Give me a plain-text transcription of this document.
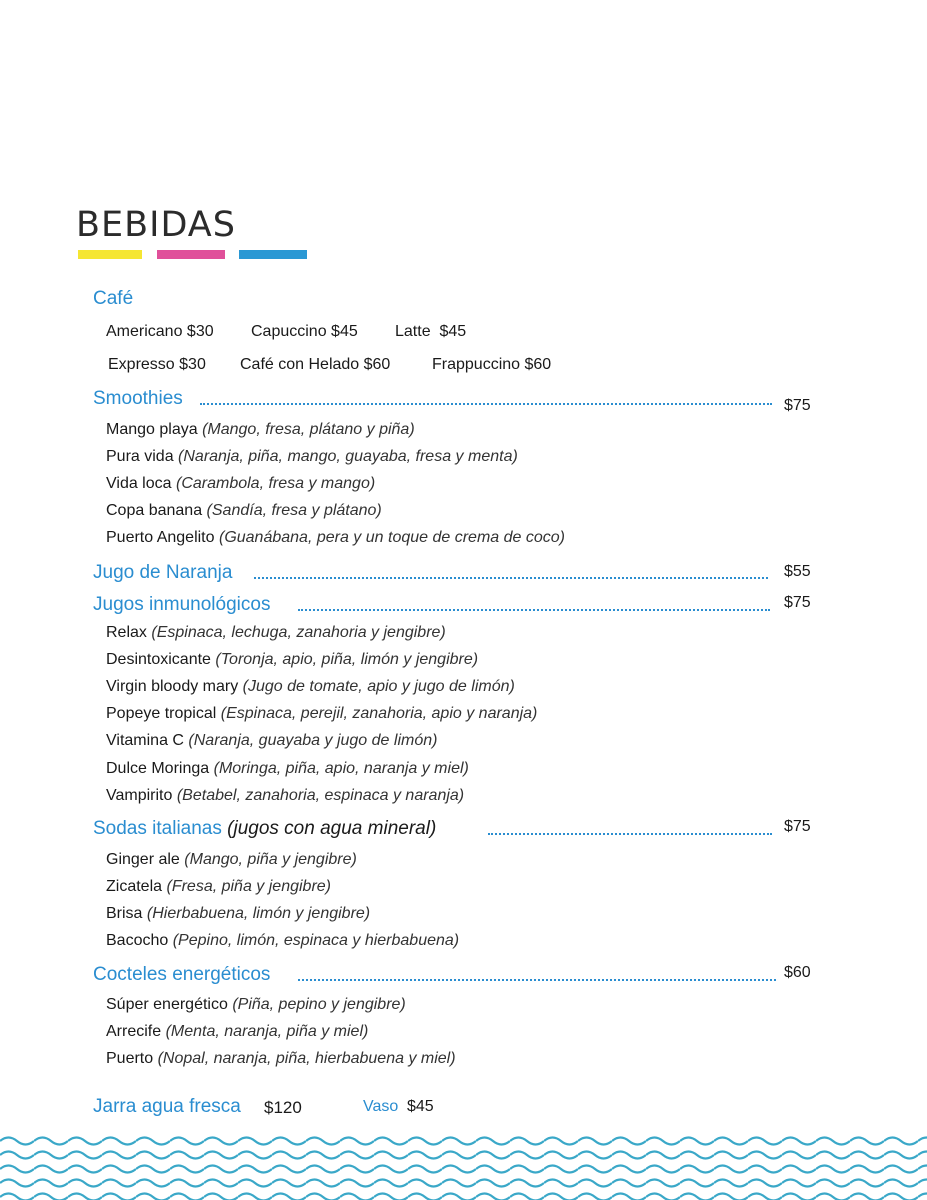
BEBIDAS
Café
Americano $30 Capuccino $45 Latte  $45
Expresso $30 Café con Helado $60	Frappuccino $60
Smoothies	$75
Mango playa (Mango, fresa, plátano y piña)
Pura vida (Naranja, piña, mango, guayaba, fresa y menta)
Vida loca (Carambola, fresa y mango)
Copa banana (Sandía, fresa y plátano)
Puerto Angelito (Guanábana, pera y un toque de crema de coco)
Jugo de Naranja	$55
Jugos inmunológicos	$75
Relax (Espinaca, lechuga, zanahoria y jengibre)
Desintoxicante (Toronja, apio, piña, limón y jengibre)
Virgin bloody mary (Jugo de tomate, apio y jugo de limón)
Popeye tropical (Espinaca, perejil, zanahoria, apio y naranja)
Vitamina C (Naranja, guayaba y jugo de limón)
Dulce Moringa (Moringa, piña, apio, naranja y miel)
Vampirito (Betabel, zanahoria, espinaca y naranja)
Sodas italianas (jugos con agua mineral)	$75
Ginger ale (Mango, piña y jengibre)
Zicatela (Fresa, piña y jengibre)
Brisa (Hierbabuena, limón y jengibre)
Bacocho (Pepino, limón, espinaca y hierbabuena)
Cocteles energéticos	$60
Súper energético (Piña, pepino y jengibre)
Arrecife (Menta, naranja, piña y miel)
Puerto (Nopal, naranja, piña, hierbabuena y miel)
Jarra agua fresca $120	Vaso $45
